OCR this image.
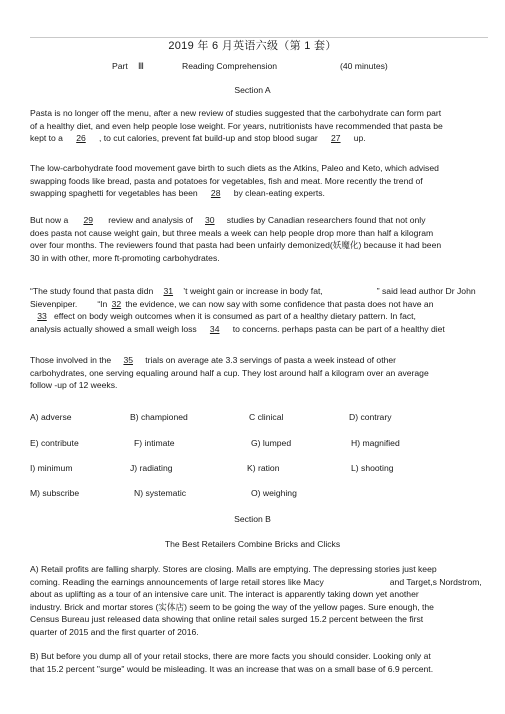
2019 年 6 月英语六级（第 1 套）
Part Ⅲ	Reading Comprehension	(40 minutes)
Section A

Pasta is no longer off the menu, after a new review of studies suggested that the carbohydrate can form part

of a healthy diet, and even help people lose weight. For years, nutritionists have recommended that pasta be

kept to a 26 , to cut calories, prevent fat build-up and stop blood sugar 27 up.

The low-carbohydrate food movement gave birth to such diets as the Atkins, Paleo and Keto, which advised

swapping foods like bread, pasta and potatoes for vegetables, fish and meat. More recently the trend of

swapping spaghetti for vegetables has been 28 by clean-eating experts.

But now a 29 review and analysis of 30 studies by Canadian researchers found that not only

does pasta not cause weight gain, but three meals a week can help people drop more than half a kilogram

over four months. The reviewers found that pasta had been unfairly demonized(妖魔化) because it had been

30 in with other, more ft-promoting carbohydrates.

“The study found that pasta didn 31 ’t weight gain or increase in body fat,	” said lead author Dr John

Sievenpiper. “In 32 the evidence, we can now say with some confidence that pasta does not have an

33 effect on body weigh outcomes when it is consumed as part of a healthy dietary pattern. In fact,

analysis actually showed a small weigh loss 34 to concerns. perhaps pasta can be part of a healthy diet

Those involved in the 35 trials on average ate 3.3 servings of pasta a week instead of other

carbohydrates, one serving equaling around half a cup. They lost around half a kilogram over an average

follow -up of 12 weeks.

A) adverse	B) championed	C clinical	D) contrary
E) contribute	F) intimate	G) lumped	H) magnified
I) minimum	J) radiating	K) ration	L) shooting
M) subscribe	N) systematic	O) weighing
Section B
The Best Retailers Combine Bricks and Clicks

A) Retail profits are falling sharply. Stores are closing. Malls are emptying. The depressing stories just keep

coming. Reading the earnings announcements of large retail stores like Macy	and Target,s Nordstrom,

about as uplifting as a tour of an intensive care unit. The interact is apparently taking down yet another

industry. Brick and mortar stores (实体店) seem to be going the way of the yellow pages. Sure enough, the

Census Bureau just released data showing that online retail sales surged 15.2 percent between the first

quarter of 2015 and the first quarter of 2016.

B) But before you dump all of your retail stocks, there are more facts you should consider. Looking only at

that 15.2 percent "surge" would be misleading. It was an increase that was on a small base of 6.9 percent.
